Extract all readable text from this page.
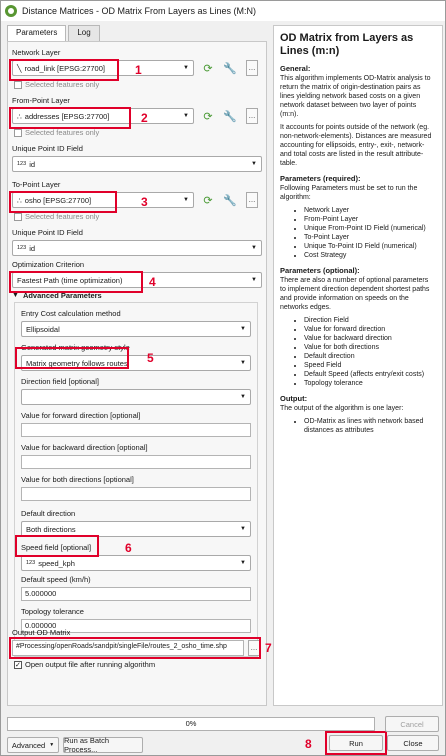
Distance Matrices - OD Matrix From Layers as Lines (M:N)
Parameters	Log
Network Layer
╲ road_link [EPSG:27700]	▼	⟳ 🔧	…
Selected features only
From-Point Layer
∴ addresses [EPSG:27700]	▼	⟳ 🔧	…
Selected features only
Unique Point ID Field
123 id	▼
To-Point Layer
∴ osho [EPSG:27700]	▼	⟳ 🔧	…
Selected features only
Unique Point ID Field
123 id	▼
Optimization Criterion
Fastest Path (time optimization)	▼
▼ Advanced Parameters
Entry Cost calculation method
Ellipsoidal	▼
Generated matrix geometry style
Matrix geometry follows routes	▼
Direction field [optional]
▼
Value for forward direction [optional]
Value for backward direction [optional]
Value for both directions [optional]
Default direction
Both directions	▼
Speed field [optional]
123 speed_kph	▼
Default speed (km/h)
5.000000
Topology tolerance
0.000000
Output OD Matrix
#Processing/openRoads/sandpit/singleFile/routes_2_osho_time.shp	…
✓
Open output file after running algorithm
1
2
3
4
5
6
7
8
OD Matrix from Layers as Lines (m:n)
General:

This algorithm implements OD-Matrix analysis to return the matrix of origin-destination pairs as lines yielding network based costs on a given network dataset between two layer of points (m:n).

It accounts for points outside of the network (eg. non-network-elements). Distances are measured accounting for ellipsoids, entry-, exit-, network- and total costs are listed in the result attribute-table.

Parameters (required):

Following Parameters must be set to run the algorithm:

• Network Layer
• From-Point Layer
• Unique From-Point ID Field (numerical)
• To-Point Layer
• Unique To-Point ID Field (numerical)
• Cost Strategy
Parameters (optional):

There are also a number of optional parameters to implement direction dependent shortest paths and provide information on speeds on the networks edges.

• Direction Field
• Value for forward direction
• Value for backward direction
• Value for both directions
• Default direction
• Speed Field
• Default Speed (affects entry/exit costs)
• Topology tolerance
Output:

The output of the algorithm is one layer:

• OD-Matrix as lines with network based distances as attributes
0%	Cancel
Advanced ▼ Run as Batch Process...
Run	Close
